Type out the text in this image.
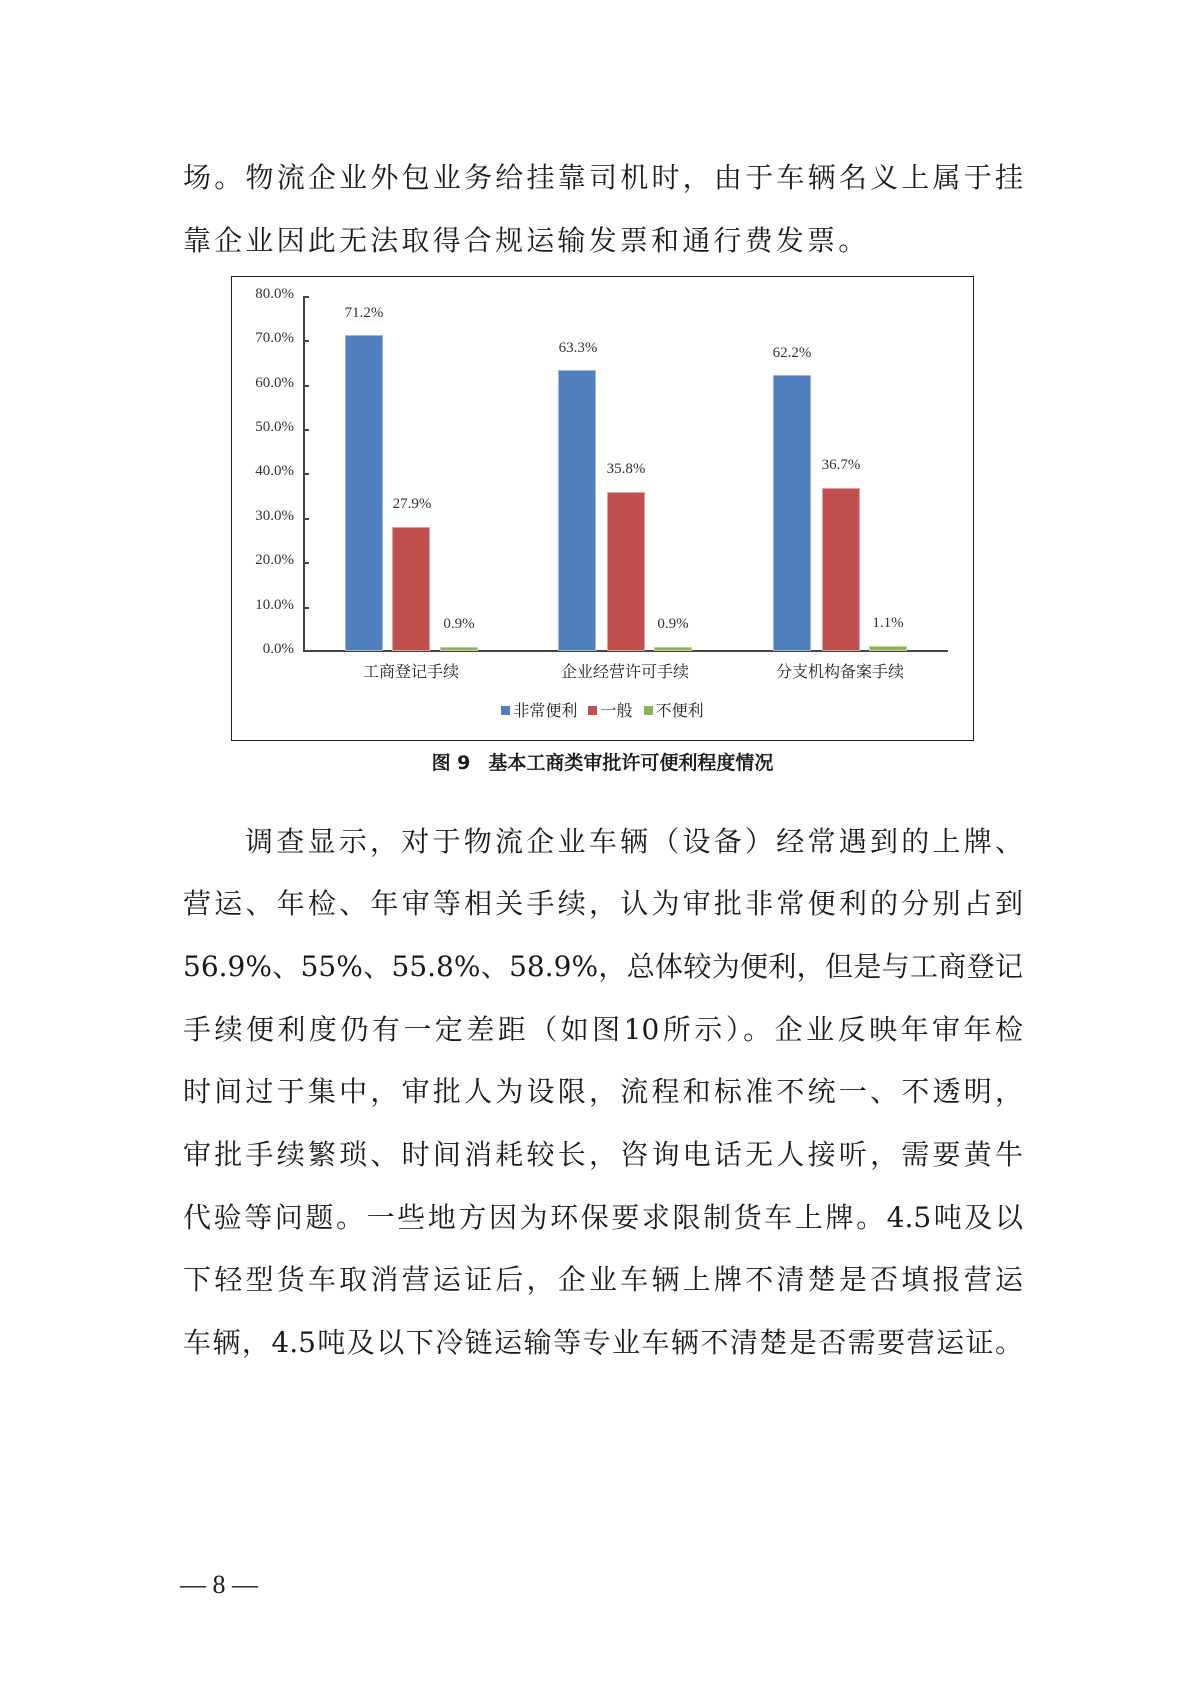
场。物流企业外包业务给挂靠司机时，由于车辆名义上属于挂
靠企业因此无法取得合规运输发票和通行费发票。
80.0%
70.0%
60.0%
50.0%
40.0%
30.0%
20.0%
10.0%
0.0%
71.2%
27.9%
0.9%
工商登记手续
63.3%
35.8%
0.9%
企业经营许可手续
62.2%
36.7%
1.1%
分支机构备案手续
非常便利 一般 不便利
图 9 基本工商类审批许可便利程度情况
调查显示，对于物流企业车辆（设备）经常遇到的上牌、
营运、年检、年审等相关手续，认为审批非常便利的分别占到
56.9%、55%、55.8%、58.9%，总体较为便利，但是与工商登记
手续便利度仍有一定差距（如图10所示）。企业反映年审年检
时间过于集中，审批人为设限，流程和标准不统一、不透明，
审批手续繁琐、时间消耗较长，咨询电话无人接听，需要黄牛
代验等问题。一些地方因为环保要求限制货车上牌。4.5吨及以
下轻型货车取消营运证后，企业车辆上牌不清楚是否填报营运
车辆，4.5吨及以下冷链运输等专业车辆不清楚是否需要营运证。
— 8 —
